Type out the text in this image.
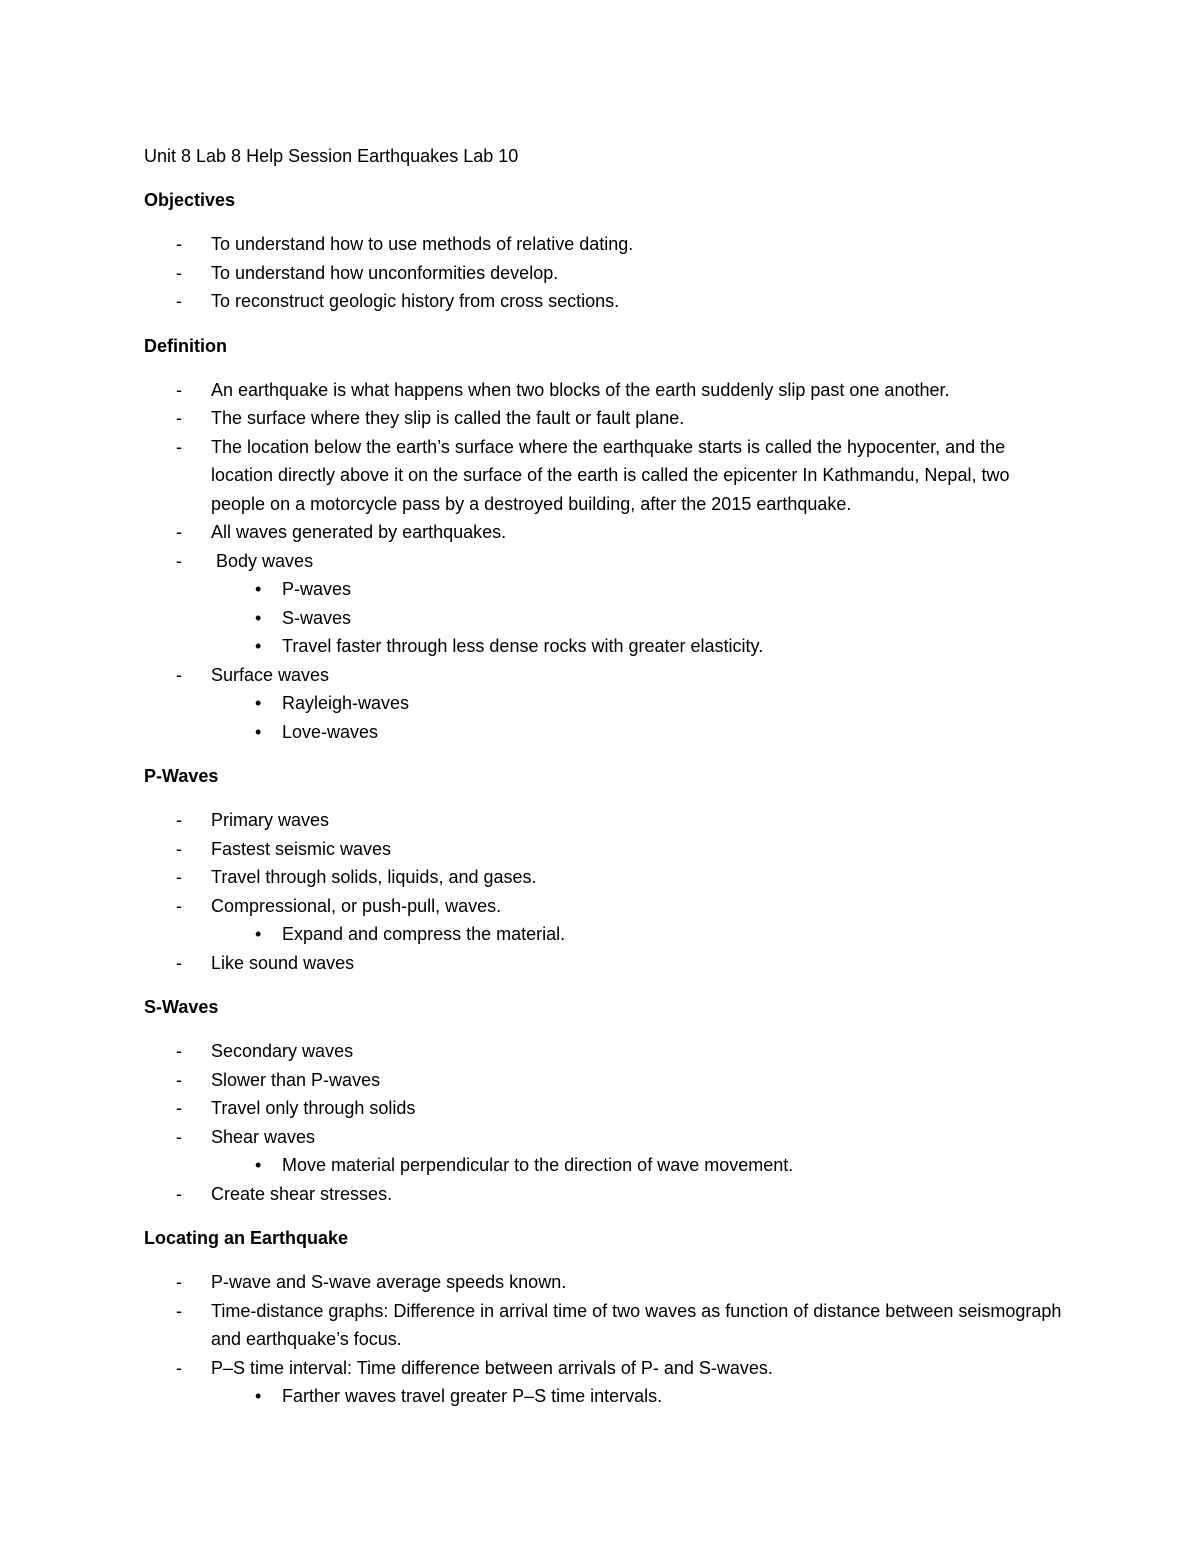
Unit 8 Lab 8 Help Session Earthquakes Lab 10
Objectives
- To understand how to use methods of relative dating.
- To understand how unconformities develop.
- To reconstruct geologic history from cross sections.
Definition
- An earthquake is what happens when two blocks of the earth suddenly slip past one another.
- The surface where they slip is called the fault or fault plane.
- The location below the earth’s surface where the earthquake starts is called the hypocenter, and the location directly above it on the surface of the earth is called the epicenter In Kathmandu, Nepal, two people on a motorcycle pass by a destroyed building, after the 2015 earthquake.
- All waves generated by earthquakes.
- Body waves
• P-waves
• S-waves
• Travel faster through less dense rocks with greater elasticity.
- Surface waves
• Rayleigh-waves
• Love-waves
P-Waves
- Primary waves
- Fastest seismic waves
- Travel through solids, liquids, and gases.
- Compressional, or push-pull, waves.
• Expand and compress the material.
- Like sound waves
S-Waves
- Secondary waves
- Slower than P-waves
- Travel only through solids
- Shear waves
• Move material perpendicular to the direction of wave movement.
- Create shear stresses.
Locating an Earthquake
- P-wave and S-wave average speeds known.
- Time-distance graphs: Difference in arrival time of two waves as function of distance between seismograph and earthquake’s focus.
- P–S time interval: Time difference between arrivals of P- and S-waves.
• Farther waves travel greater P–S time intervals.
